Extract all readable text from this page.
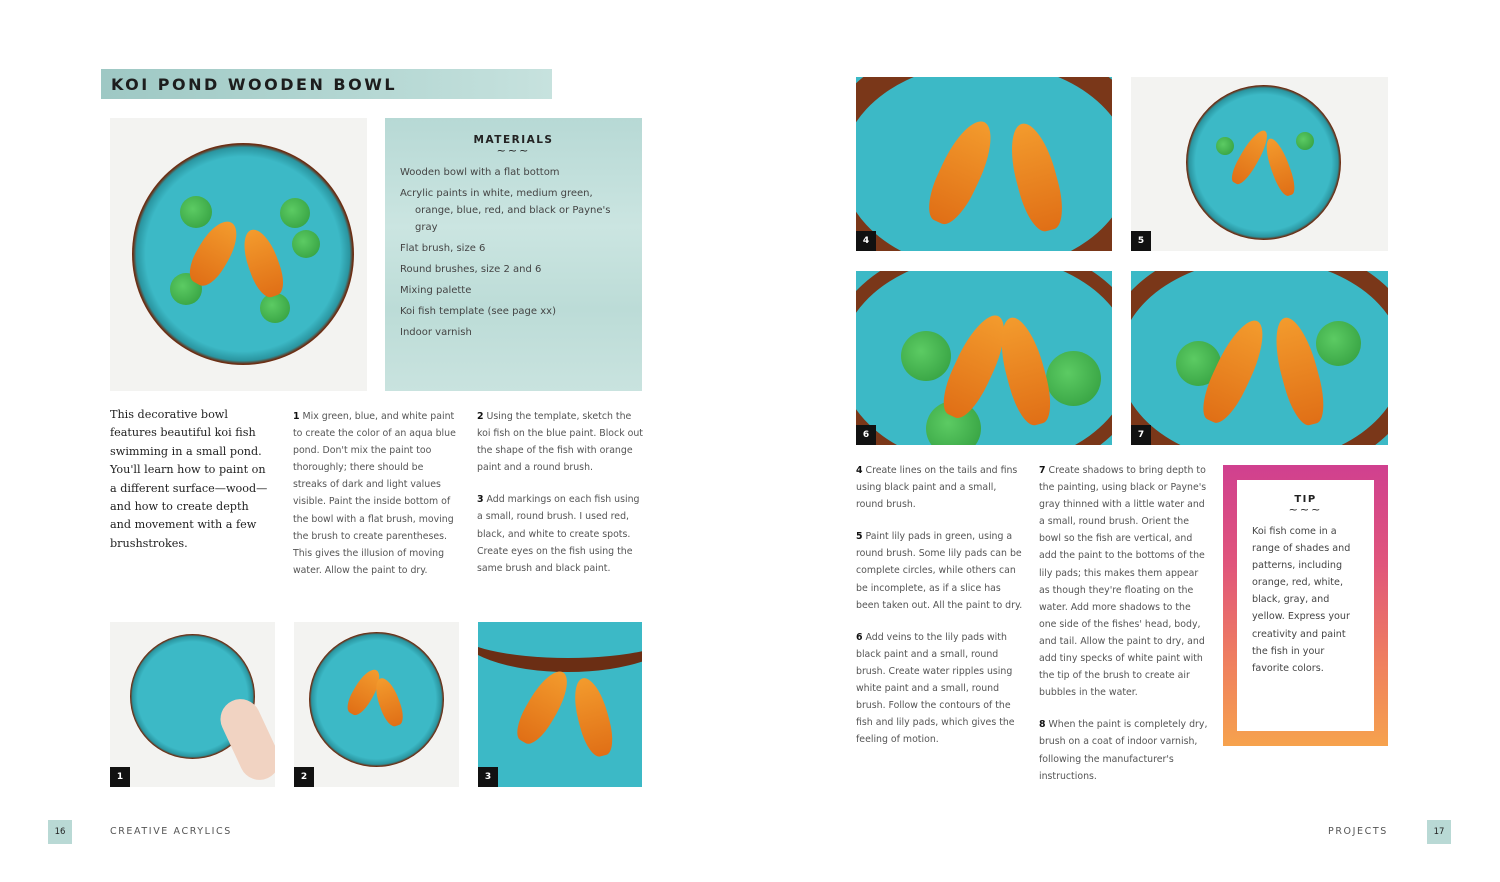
KOI POND WOODEN BOWL
MATERIALS
~~~
Wooden bowl with a flat bottom
Acrylic paints in white, medium green, orange, blue, red, and black or Payne's gray
Flat brush, size 6
Round brushes, size 2 and 6
Mixing palette
Koi fish template (see page xx)
Indoor varnish
This decorative bowl features beautiful koi fish swimming in a small pond. You'll learn how to paint on a different surface—wood—and how to create depth and movement with a few brushstrokes.

1 Mix green, blue, and white paint to create the color of an aqua blue pond. Don't mix the paint too thoroughly; there should be streaks of dark and light values visible. Paint the inside bottom of the bowl with a flat brush, moving the brush to create parentheses. This gives the illusion of moving water. Allow the paint to dry.

2 Using the template, sketch the koi fish on the blue paint. Block out the shape of the fish with orange paint and a round brush.

3 Add markings on each fish using a small, round brush. I used red, black, and white to create spots. Create eyes on the fish using the same brush and black paint.

1	2	3
16	CREATIVE ACRYLICS
4	5
6	7

4 Create lines on the tails and fins using black paint and a small, round brush.

5 Paint lily pads in green, using a round brush. Some lily pads can be complete circles, while others can be incomplete, as if a slice has been taken out. All the paint to dry.

6 Add veins to the lily pads with black paint and a small, round brush. Create water ripples using white paint and a small, round brush. Follow the contours of the fish and lily pads, which gives the feeling of motion.

7 Create shadows to bring depth to the painting, using black or Payne's gray thinned with a little water and a small, round brush. Orient the bowl so the fish are vertical, and add the paint to the bottoms of the lily pads; this makes them appear as though they're floating on the water. Add more shadows to the one side of the fishes' head, body, and tail. Allow the paint to dry, and add tiny specks of white paint with the tip of the brush to create air bubbles in the water.

8 When the paint is completely dry, brush on a coat of indoor varnish, following the manufacturer's instructions.

TIP
~~~
Koi fish come in a range of shades and patterns, including orange, red, white, black, gray, and yellow. Express your creativity and paint the fish in your favorite colors.
PROJECTS	17
